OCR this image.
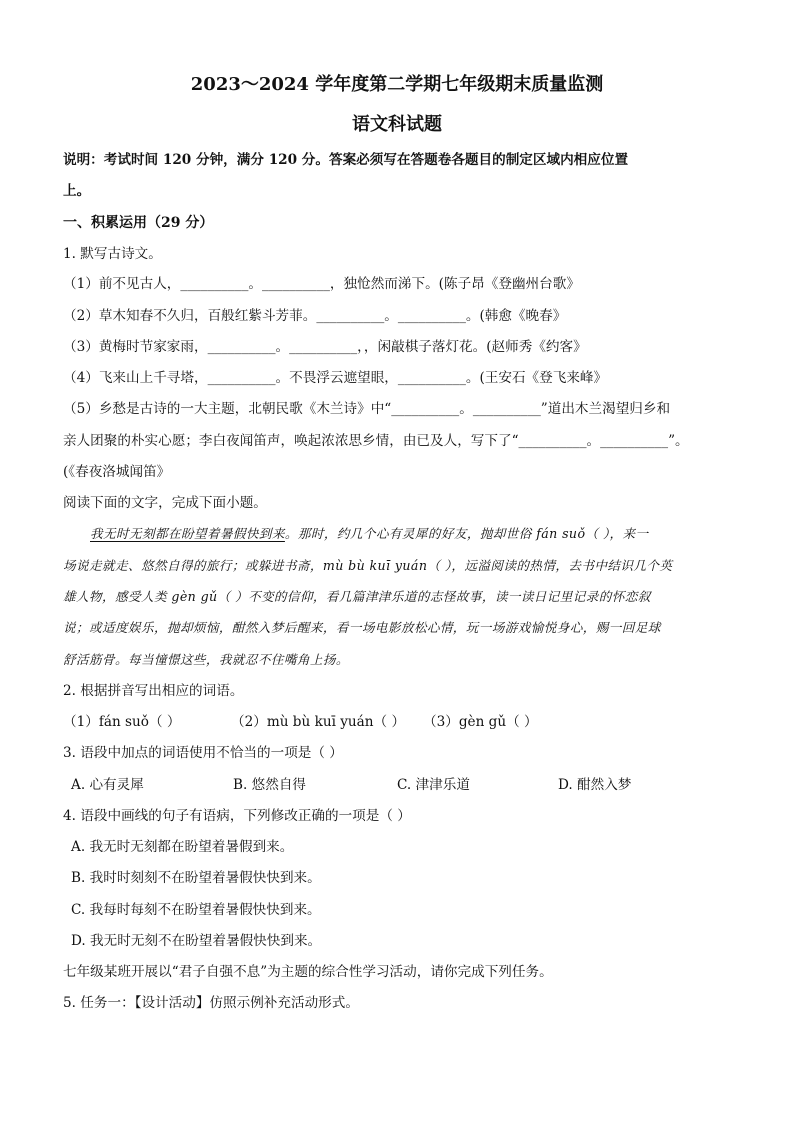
2023～2024 学年度第二学期七年级期末质量监测
语文科试题
说明：考试时间 120 分钟，满分 120 分。答案必须写在答题卷各题目的制定区域内相应位置
上。
一、积累运用（29 分）
1. 默写古诗文。
（1）前不见古人，__________。__________，独怆然而涕下。(陈子昂《登幽州台歌》
（2）草木知春不久归，百般红紫斗芳菲。__________。__________。(韩愈《晚春》
（3）黄梅时节家家雨，__________。__________，，闲敲棋子落灯花。(赵师秀《约客》
（4）飞来山上千寻塔，__________。不畏浮云遮望眼，__________。(王安石《登飞来峰》
（5）乡愁是古诗的一大主题，北朝民歌《木兰诗》中“__________。__________”道出木兰渴望归乡和
亲人团聚的朴实心愿；李白夜闻笛声，唤起浓浓思乡情，由已及人，写下了“__________。__________”。
(《春夜洛城闻笛》
阅读下面的文字，完成下面小题。
我无时无刻都在盼望着暑假快到来。那时，约几个心有灵犀的好友，抛却世俗 fán suǒ（ ），来一
场说走就走、悠然自得的旅行；或躲进书斋，mù bù kuī yuán（ ），远溢阅读的热情，去书中结识几个英
雄人物，感受人类 gèn gǔ（ ）不变的信仰，看几篇津津乐道的志怪故事，读一读日记里记录的怀恋叙
说；或适度娱乐，抛却烦恼，酣然入梦后醒来，看一场电影放松心情，玩一场游戏愉悦身心，赐一回足球
舒活筋骨。每当憧憬这些，我就忍不住嘴角上扬。
2. 根据拼音写出相应的词语。
（1）fán suǒ（ ）	（2）mù bù kuī yuán（ ） （3）gèn gǔ（ ）
3. 语段中加点的词语使用不恰当的一项是（ ）
A. 心有灵犀	B. 悠然自得	C. 津津乐道	D. 酣然入梦
4. 语段中画线的句子有语病，下列修改正确的一项是（ ）
A. 我无时无刻都在盼望着暑假到来。
B. 我时时刻刻不在盼望着暑假快快到来。
C. 我每时每刻不在盼望着暑假快快到来。
D. 我无时无刻不在盼望着暑假快快到来。
七年级某班开展以“君子自强不息”为主题的综合性学习活动，请你完成下列任务。
5. 任务一：【设计活动】仿照示例补充活动形式。
